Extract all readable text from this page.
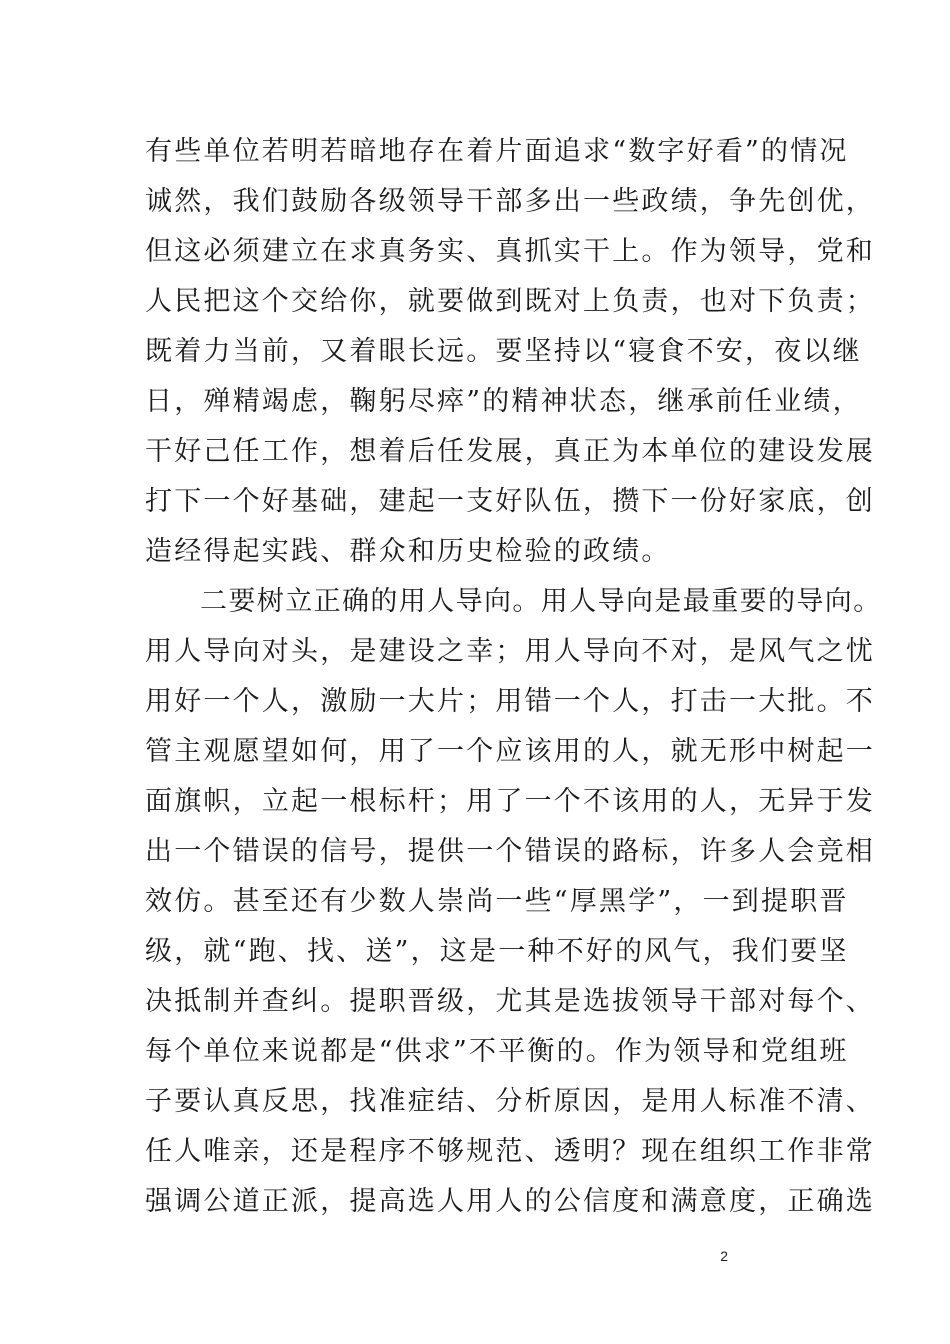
有些单位若明若暗地存在着片面追求“数字好看”的情况
诚然，我们鼓励各级领导干部多出一些政绩，争先创优，
但这必须建立在求真务实、真抓实干上。作为领导，党和
人民把这个交给你，就要做到既对上负责，也对下负责；
既着力当前，又着眼长远。要坚持以“寝食不安，夜以继
日，殚精竭虑，鞠躬尽瘁”的精神状态，继承前任业绩，
干好己任工作，想着后任发展，真正为本单位的建设发展
打下一个好基础，建起一支好队伍，攒下一份好家底，创
造经得起实践、群众和历史检验的政绩。
二要树立正确的用人导向。用人导向是最重要的导向。
用人导向对头，是建设之幸；用人导向不对，是风气之忧
用好一个人，激励一大片；用错一个人，打击一大批。不
管主观愿望如何，用了一个应该用的人，就无形中树起一
面旗帜，立起一根标杆；用了一个不该用的人，无异于发
出一个错误的信号，提供一个错误的路标，许多人会竞相
效仿。甚至还有少数人崇尚一些“厚黑学”，一到提职晋
级，就“跑、找、送”，这是一种不好的风气，我们要坚
决抵制并查纠。提职晋级，尤其是选拔领导干部对每个、
每个单位来说都是“供求”不平衡的。作为领导和党组班
子要认真反思，找准症结、分析原因，是用人标准不清、
任人唯亲，还是程序不够规范、透明？现在组织工作非常
强调公道正派，提高选人用人的公信度和满意度，正确选
2
